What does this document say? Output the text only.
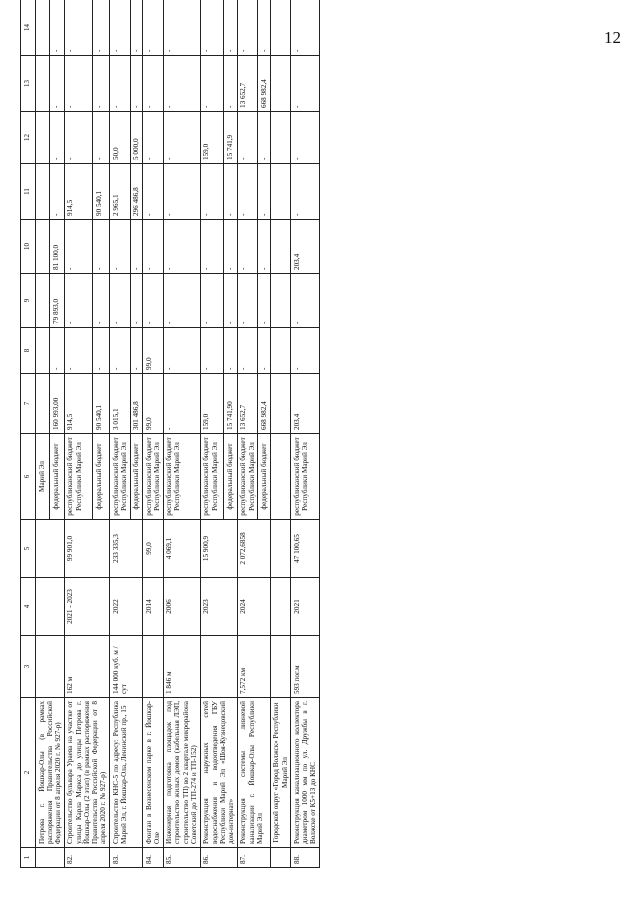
12
1	2	3	4	5	6	7	8	9	10	11	12	13	14
	Петрова г. Йошкар-Олы (в рамках распоряжения Правительства Российской Федерации от 8 апреля 2020 г. № 927-р)				Марий Эл								
					федеральный бюджет	160 993,00	-	79 893,0	81 100,0	-	-	-	-
82.	Строительство бульвара Ураева на участке от улицы Карла Маркса до улицы Петрова г. Йошкар-Олы (2 этап) (в рамках распоряжения Правительства Российской Федерации от 8 апреля 2020 г. № 927-р)	162 м	2021 - 2023	99 901,0	республиканский бюджет Республики Марий Эл	914,5	-	-	-	914,5	-	-	-
					федеральный бюджет	90 540,1	-	-	-	90 540,1	-	-	-
83.	Строительство КНС-5 по адресу: Республика Марий Эл, г. Йошкар-Ола, Ленинский пр., 15	144 000 куб. м / сут	2022	233 335,3	республиканский бюджет Республики Марий Эл	3 015,1	-	-	-	2 965,1	50,0	-	-
					федеральный бюджет	301 486,8	-	-	-	296 486,8	5 000,0	-	-
84.	Фонтан в Вознесенском парке в г. Йошкар-Оле		2014	99,0	республиканский бюджет Республики Марий Эл	99,0	99,0	-	-	-	-	-	-
85.	Инженерная подготовка площадок под строительство жилых домов (кабельная ЛЭП, строительство ТП) во 2 квартале микрорайона Советский до ТП-274 и ТП-152)	1 846 м	2006	4 069,1	республиканский бюджет Республики Марий Эл	-	-	-	-	-	-	-	-
86.	Реконструкция наружных сетей водоснабжения и водоотведения ГБУ Республики Марий Эл «Шоя-Кузнецовский дом-интернат»		2023	15 900,9	республиканский бюджет Республики Марий Эл	159,0	-	-	-	-	159,0	-	-
					федеральный бюджет	15 741,90	-	-	-	-	15 741,9	-	-
87.	Реконструкция системы ливневой канализации г. Йошкар-Олы Республики Марий Эл	7,572 км	2024	2 072,6858	республиканский бюджет Республики Марий Эл	13 652,7	-	-	-	-	-	13 652,7	-
					федеральный бюджет	668 982,4	-	-	-	-	-	668 982,4	-
	Городской округ «Город Волжск» Республики Марий Эл												
88.	Реконструкция канализационного коллектора диаметром 1000 мм по ул. Дружбы в г. Волжске от К5+13 до КНС	593 пог.м	2021	47 100,65	республиканский бюджет Республики Марий Эл	203,4	-	-	203,4	-	-	-	-
